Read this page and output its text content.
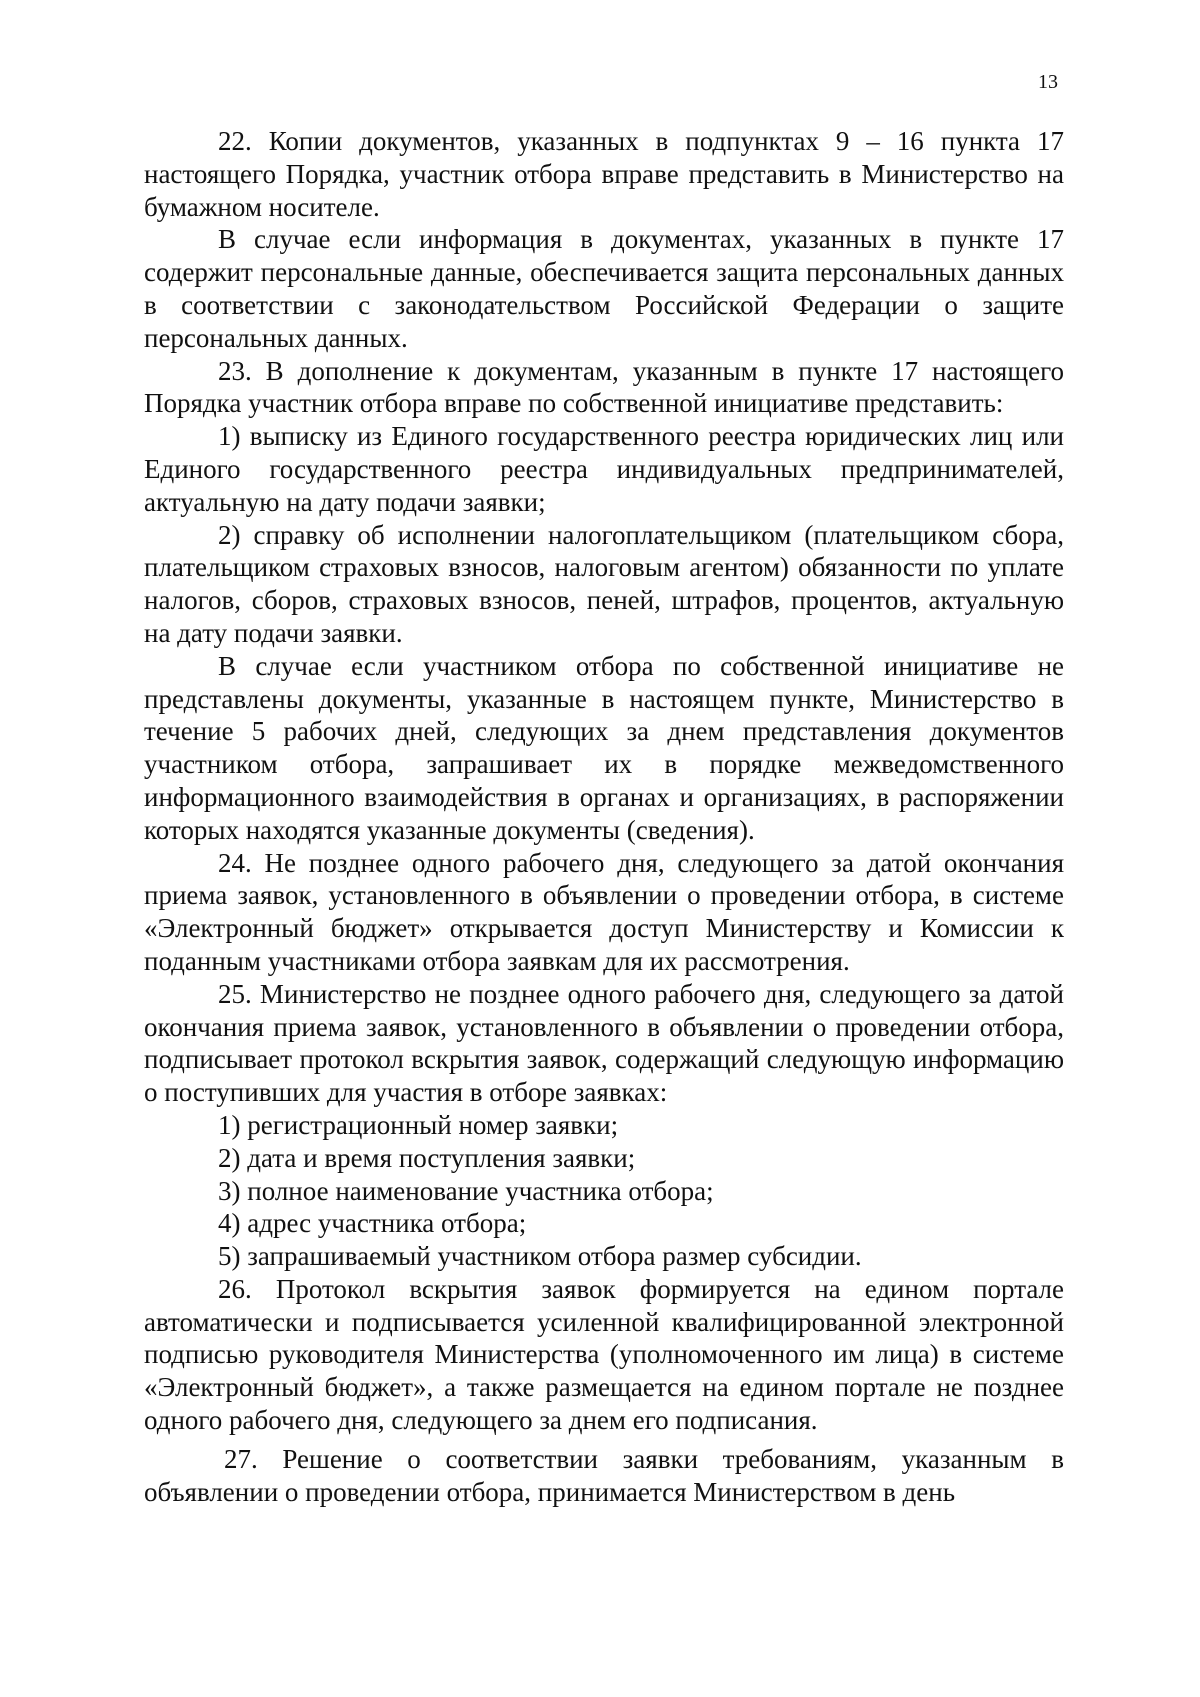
13

22. Копии документов, указанных в подпунктах 9 – 16 пункта 17 настоящего Порядка, участник отбора вправе представить в Министерство на бумажном носителе.

В случае если информация в документах, указанных в пункте 17 содержит персональные данные, обеспечивается защита персональных данных в соответствии с законодательством Российской Федерации о защите персональных данных.

23. В дополнение к документам, указанным в пункте 17 настоящего Порядка участник отбора вправе по собственной инициативе представить:

1) выписку из Единого государственного реестра юридических лиц или Единого государственного реестра индивидуальных предпринимателей, актуальную на дату подачи заявки;

2) справку об исполнении налогоплательщиком (плательщиком сбора, плательщиком страховых взносов, налоговым агентом) обязанности по уплате налогов, сборов, страховых взносов, пеней, штрафов, процентов, актуальную на дату подачи заявки.

В случае если участником отбора по собственной инициативе не представлены документы, указанные в настоящем пункте, Министерство в течение 5 рабочих дней, следующих за днем представления документов участником отбора, запрашивает их в порядке межведомственного информационного взаимодействия в органах и организациях, в распоряжении которых находятся указанные документы (сведения).

24. Не позднее одного рабочего дня, следующего за датой окончания приема заявок, установленного в объявлении о проведении отбора, в системе «Электронный бюджет» открывается доступ Министерству и Комиссии к поданным участниками отбора заявкам для их рассмотрения.

25. Министерство не позднее одного рабочего дня, следующего за датой окончания приема заявок, установленного в объявлении о проведении отбора, подписывает протокол вскрытия заявок, содержащий следующую информацию о поступивших для участия в отборе заявках:

1) регистрационный номер заявки;

2) дата и время поступления заявки;

3) полное наименование участника отбора;

4) адрес участника отбора;

5) запрашиваемый участником отбора размер субсидии.

26. Протокол вскрытия заявок формируется на едином портале автоматически и подписывается усиленной квалифицированной электронной подписью руководителя Министерства (уполномоченного им лица) в системе «Электронный бюджет», а также размещается на едином портале не позднее одного рабочего дня, следующего за днем его подписания.

27. Решение о соответствии заявки требованиям, указанным в объявлении о проведении отбора, принимается Министерством в день
